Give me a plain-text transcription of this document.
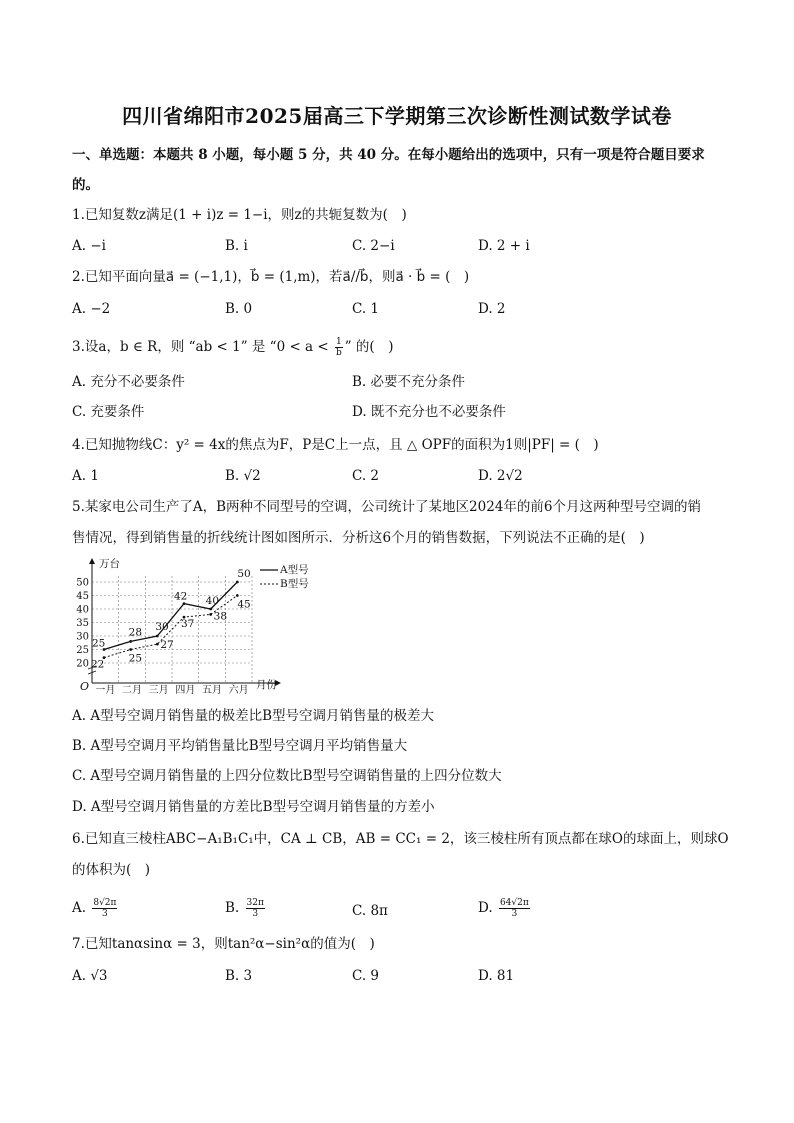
四川省绵阳市2025届高三下学期第三次诊断性测试数学试卷
一、单选题：本题共 8 小题，每小题 5 分，共 40 分。在每小题给出的选项中，只有一项是符合题目要求
的。
1.已知复数z满足(1 + i)z = 1−i，则z的共轭复数为(　)
A. −i	B. i	C. 2−i	D. 2 + i
2.已知平面向量a⃗ = (−1,1)，b⃗ = (1,m)，若a⃗//b⃗，则a⃗ · b⃗ = (　)
A. −2	B. 0	C. 1	D. 2
3.设a，b ∈ R，则 “ab < 1” 是 “$0 < a < \frac{1}{b}$ ” 的(　)
A. 充分不必要条件	B. 必要不充分条件
C. 充要条件	D. 既不充分也不必要条件
4.已知抛物线C：y² = 4x的焦点为F，P是C上一点，且 △ OPF的面积为1则|PF| = (　)
A. 1	B. √2	C. 2	D. 2√2
5.某家电公司生产了A，B两种不同型号的空调，公司统计了某地区2024年的前6个月这两种型号空调的销
售情况，得到销售量的折线统计图如图所示．分析这6个月的销售数据，下列说法不正确的是(　)
50
45
40
35
30
25
20
万台
月份
O 一月 二月 三月 四月 五月 六月
25
28 30
42 40
50
22
25
27
37
38
45
A型号
B型号
A. A型号空调月销售量的极差比B型号空调月销售量的极差大
B. A型号空调月平均销售量比B型号空调月平均销售量大
C. A型号空调月销售量的上四分位数比B型号空调销售量的上四分位数大
D. A型号空调月销售量的方差比B型号空调月销售量的方差小
6.已知直三棱柱ABC−A₁B₁C₁中，CA ⊥ CB，AB = CC₁ = 2，该三棱柱所有顶点都在球O的球面上，则球O
的体积为(　)
A. $\frac{8√2\pi}{3}$	B. $\frac{32\pi}{3}$	C. 8π	D. $\frac{64√2\pi}{3}$
7.已知tanαsinα = 3，则tan²α−sin²α的值为(　)
A. √3	B. 3	C. 9	D. 81
